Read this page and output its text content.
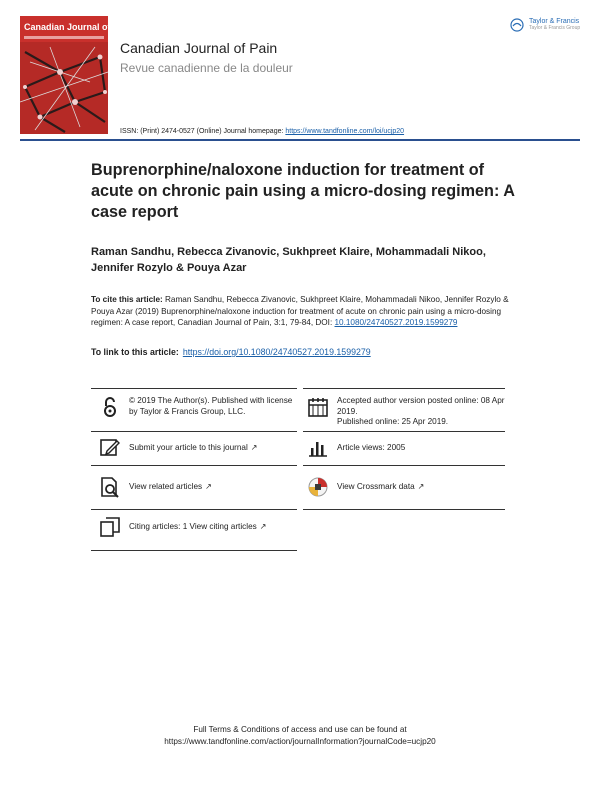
Canadian Journal of Pain
Canadian Journal of Pain
Revue canadienne de la douleur
Taylor & Francis
Taylor & Francis Group
ISSN: (Print) 2474-0527 (Online) Journal homepage: https://www.tandfonline.com/loi/ucjp20
Buprenorphine/naloxone induction for treatment of acute on chronic pain using a micro-dosing regimen: A case report
Raman Sandhu, Rebecca Zivanovic, Sukhpreet Klaire, Mohammadali Nikoo, Jennifer Rozylo & Pouya Azar
To cite this article: Raman Sandhu, Rebecca Zivanovic, Sukhpreet Klaire, Mohammadali Nikoo, Jennifer Rozylo & Pouya Azar (2019) Buprenorphine/naloxone induction for treatment of acute on chronic pain using a micro-dosing regimen: A case report, Canadian Journal of Pain, 3:1, 79-84, DOI: 10.1080/24740527.2019.1599279
To link to this article: https://doi.org/10.1080/24740527.2019.1599279
© 2019 The Author(s). Published with license by Taylor & Francis Group, LLC.
Accepted author version posted online: 08 Apr 2019.
Published online: 25 Apr 2019.
Submit your article to this journal ↗	Article views: 2005
View related articles ↗	View Crossmark data ↗
Citing articles: 1 View citing articles ↗
Full Terms & Conditions of access and use can be found at
https://www.tandfonline.com/action/journalInformation?journalCode=ucjp20
